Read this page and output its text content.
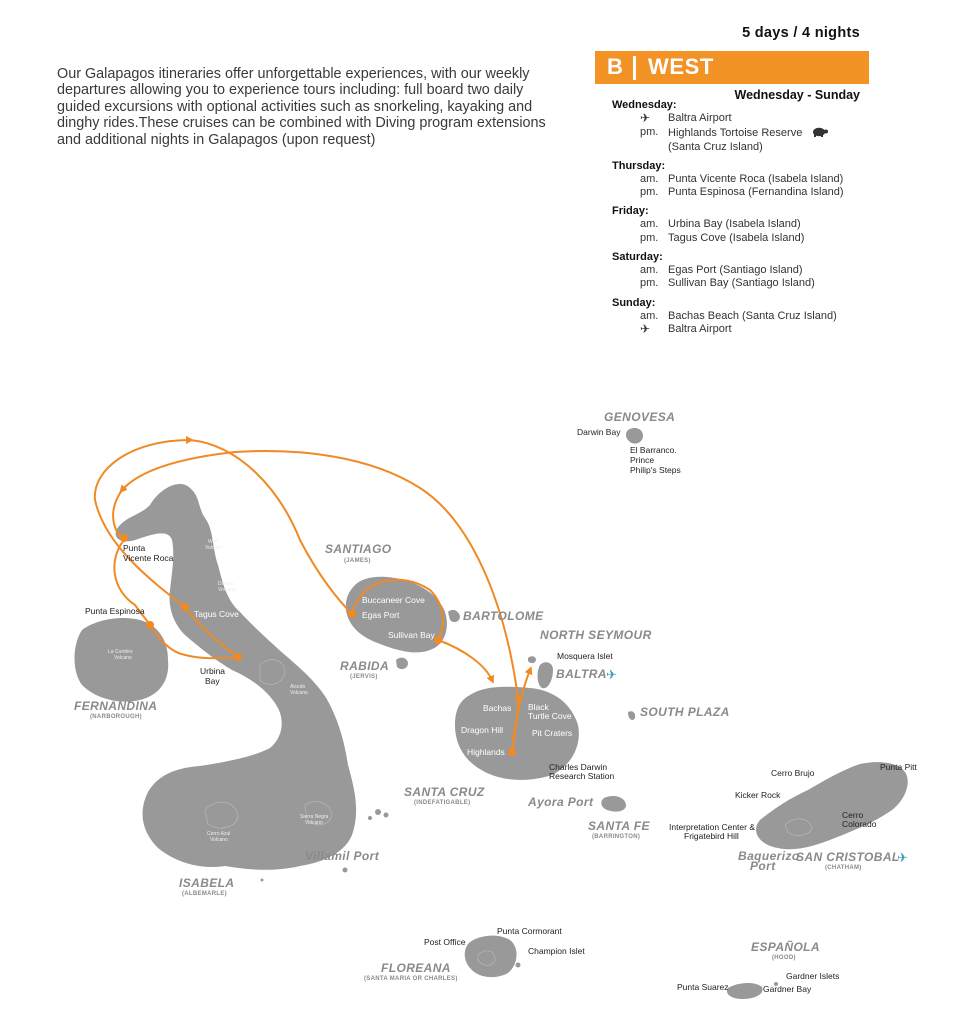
Our Galapagos itineraries offer unforgettable experiences, with our weekly departures allowing you to experience tours including: full board two daily guided excursions with optional activities such as snorkeling, kayaking and dinghy rides.These cruises can be combined with Diving program extensions and additional nights in Galapagos (upon request)
5 days / 4 nights
B WEST
Wednesday - Sunday
Wednesday:
✈	Baltra Airport
pm. Highlands Tortoise Reserve
(Santa Cruz Island)
Thursday:
am. Punta Vicente Roca (Isabela Island)
pm. Punta Espinosa (Fernandina Island)
Friday:
am. Urbina Bay (Isabela Island)
pm. Tagus Cove (Isabela Island)
Saturday:
am. Egas Port (Santiago Island)
pm. Sullivan Bay (Santiago Island)
Sunday:
am. Bachas Beach (Santa Cruz Island)
✈	Baltra Airport
✈
✈
GENOVESA
SANTIAGO
(JAMES)
BARTOLOME
NORTH SEYMOUR
BALTRA
RABIDA
(JERVIS)
FERNANDINA
(NARBOROUGH)	SOUTH PLAZA
SANTA CRUZ
(INDEFATIGABLE)
SANTA FE
(BARRINGTON)
SAN CRISTOBAL
(CHATHAM)
ISABELA
(ALBEMARLE)
FLOREANA
(SANTA MARIA OR CHARLES)
ESPAÑOLA
(HOOD)
Darwin Bay
El Barranco.
Prince
Philip's Steps
Punta
Vicente Roca
Punta Espinosa	Tagus Cove
Urbina
Bay
Buccaneer Cove
Egas Port
Sullivan Bay
Mosquera Islet
Bachas Black
Turtle Cove
Dragon Hill	Pit Craters
Highlands
Charles Darwin
Research Station
Ayora Port
Villamil Port
Cerro Brujo
Punta Pitt
Kicker Rock
Cerro
Colorado
Interpretation Center &
Frigatebird Hill
Baquerizo
Port
Punta Cormorant
Post Office
Champion Islet
Punta Suarez
Gardner Islets
Gardner Bay
Wolf
Volcano
Darwin
Volcano
Alcedo
Volcano
La Cumbre
Volcano
Sierra Negra
Volcano
Cerro Azul
Volcano
